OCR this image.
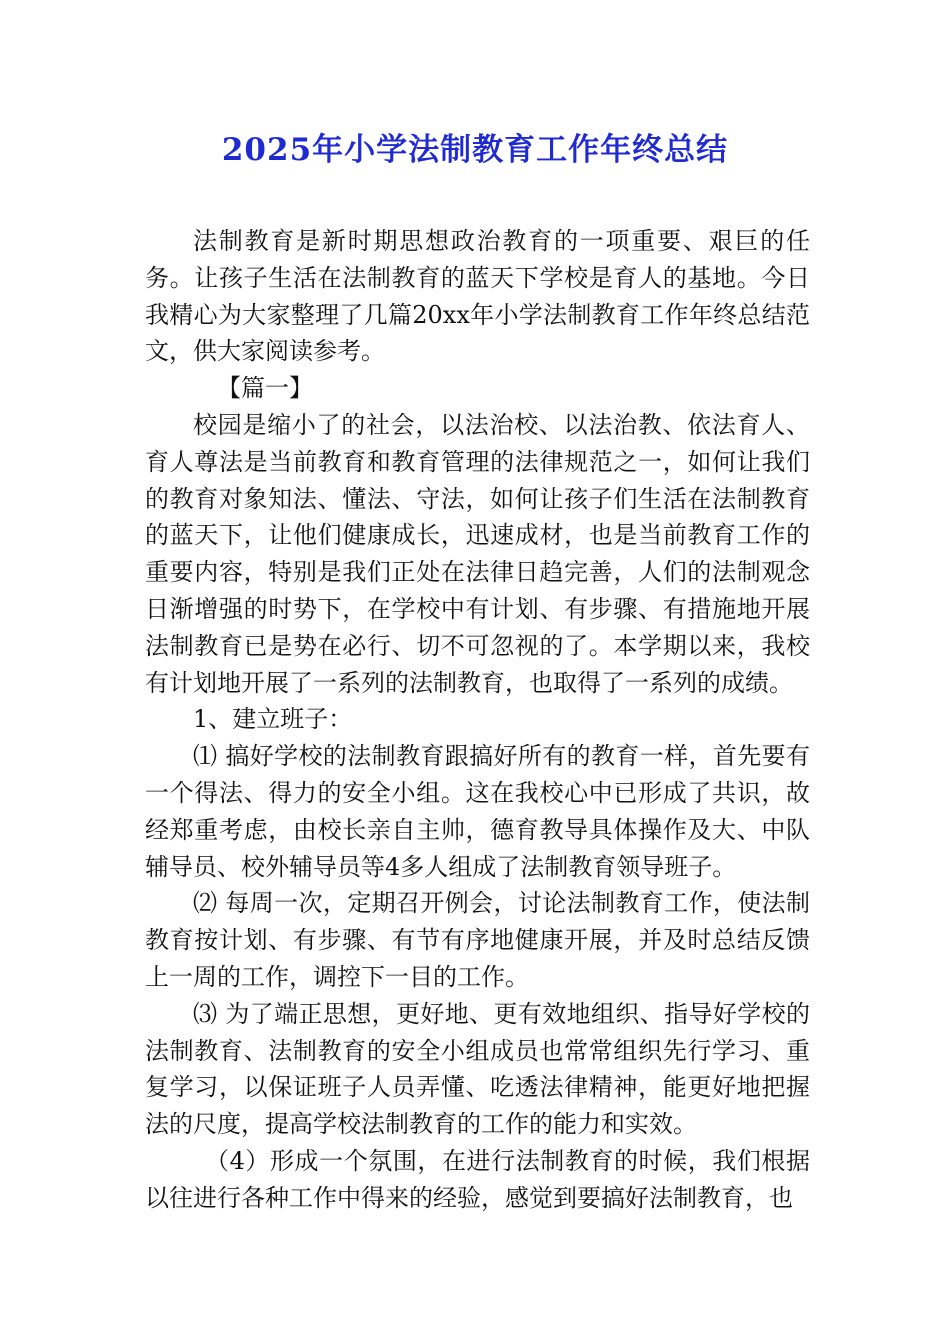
2025年小学法制教育工作年终总结

法制教育是新时期思想政治教育的一项重要、艰巨的任务。让孩子生活在法制教育的蓝天下学校是育人的基地。今日我精心为大家整理了几篇20xx年小学法制教育工作年终总结范文，供大家阅读参考。

【篇一】

校园是缩小了的社会，以法治校、以法治教、依法育人、育人尊法是当前教育和教育管理的法律规范之一，如何让我们的教育对象知法、懂法、守法，如何让孩子们生活在法制教育的蓝天下，让他们健康成长，迅速成材，也是当前教育工作的重要内容，特别是我们正处在法律日趋完善，人们的法制观念日渐增强的时势下，在学校中有计划、有步骤、有措施地开展法制教育已是势在必行、切不可忽视的了。本学期以来，我校有计划地开展了一系列的法制教育，也取得了一系列的成绩。

1、建立班子：

⑴ 搞好学校的法制教育跟搞好所有的教育一样，首先要有一个得法、得力的安全小组。这在我校心中已形成了共识，故经郑重考虑，由校长亲自主帅，德育教导具体操作及大、中队辅导员、校外辅导员等4多人组成了法制教育领导班子。

⑵ 每周一次，定期召开例会，讨论法制教育工作，使法制教育按计划、有步骤、有节有序地健康开展，并及时总结反馈上一周的工作，调控下一目的工作。

⑶ 为了端正思想，更好地、更有效地组织、指导好学校的法制教育、法制教育的安全小组成员也常常组织先行学习、重复学习，以保证班子人员弄懂、吃透法律精神，能更好地把握法的尺度，提高学校法制教育的工作的能力和实效。

（4）形成一个氛围，在进行法制教育的时候，我们根据以往进行各种工作中得来的经验，感觉到要搞好法制教育，也
